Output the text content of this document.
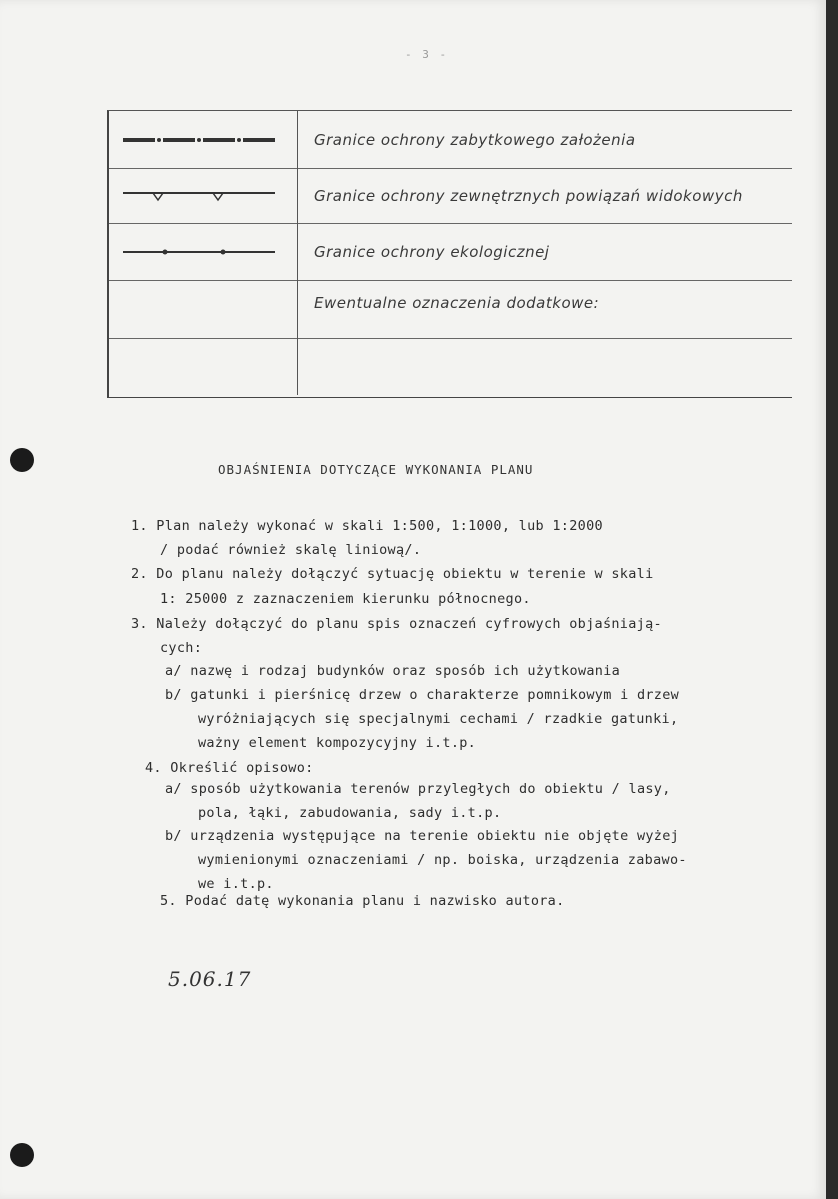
- 3 -
Granice ochrony zabytkowego założenia
Granice ochrony zewnętrznych powiązań widokowych
Granice ochrony ekologicznej
Ewentualne oznaczenia dodatkowe:
OBJAŚNIENIA DOTYCZĄCE WYKONANIA PLANU
1. Plan należy wykonać w skali 1:500, 1:1000, lub 1:2000
/ podać również skalę liniową/.
2. Do planu należy dołączyć sytuację obiektu w terenie w skali
1: 25000 z zaznaczeniem kierunku północnego.
3. Należy dołączyć do planu spis oznaczeń cyfrowych objaśniają-
cych:
a/ nazwę i rodzaj budynków oraz sposób ich użytkowania
b/ gatunki i pierśnicę drzew o charakterze pomnikowym i drzew
wyróżniających się specjalnymi cechami / rzadkie gatunki,
ważny element kompozycyjny i.t.p.
4. Określić opisowo:
a/ sposób użytkowania terenów przyległych do obiektu / lasy,
pola, łąki, zabudowania, sady i.t.p.
b/ urządzenia występujące na terenie obiektu nie objęte wyżej
wymienionymi oznaczeniami / np. boiska, urządzenia zabawo-
we i.t.p.
5. Podać datę wykonania planu i nazwisko autora.
5.06.17
